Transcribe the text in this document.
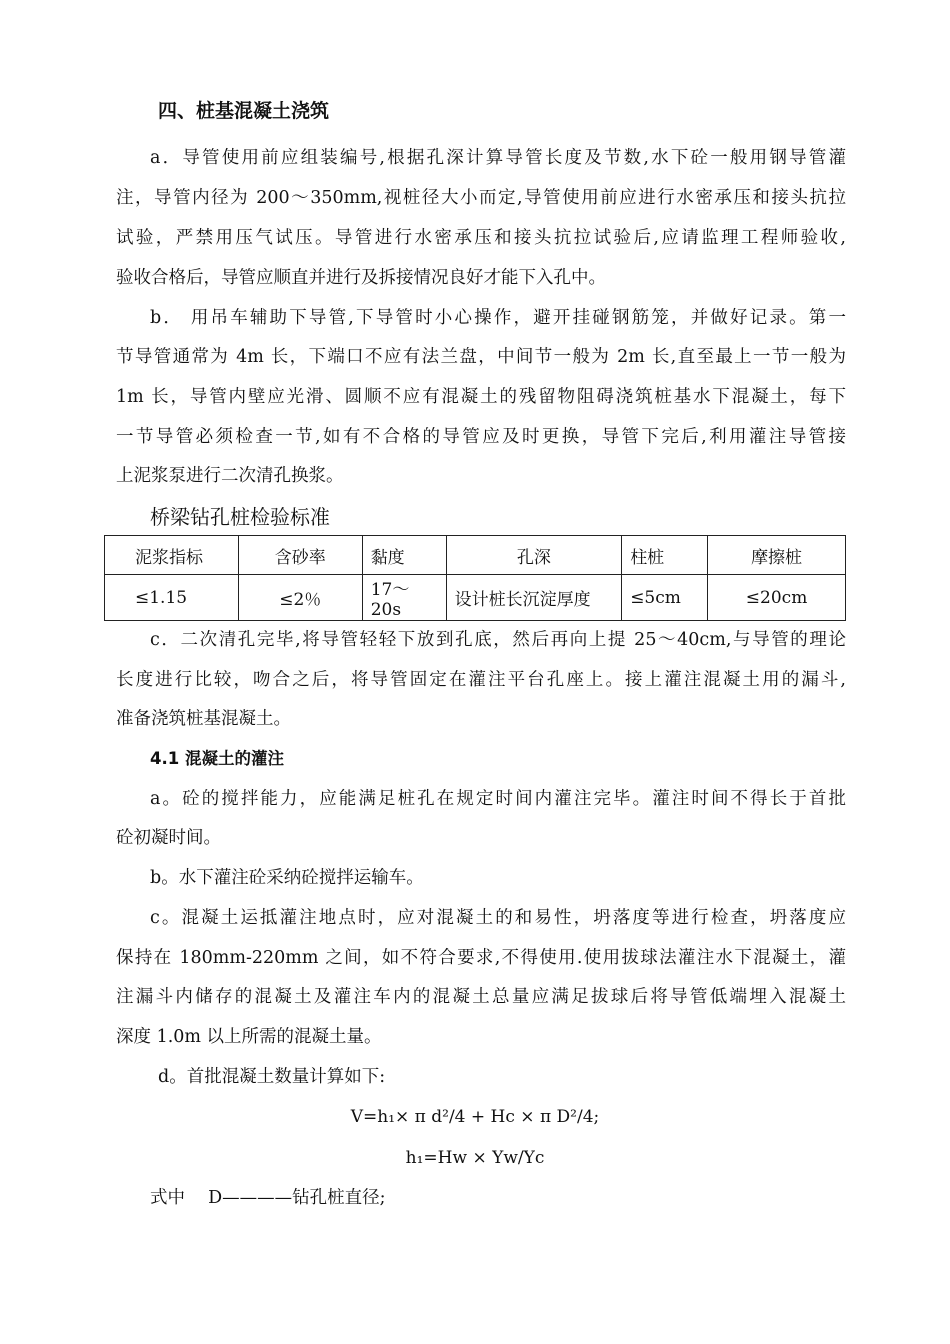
四、桩基混凝土浇筑
a．导管使用前应组装编号,根据孔深计算导管长度及节数,水下砼一般用钢导管灌
注，导管内径为 200～350mm,视桩径大小而定,导管使用前应进行水密承压和接头抗拉
试验，严禁用压气试压。导管进行水密承压和接头抗拉试验后,应请监理工程师验收,
验收合格后，导管应顺直并进行及拆接情况良好才能下入孔中。
b． 用吊车辅助下导管,下导管时小心操作，避开挂碰钢筋笼，并做好记录。第一
节导管通常为 4m 长，下端口不应有法兰盘，中间节一般为 2m 长,直至最上一节一般为
1m 长，导管内壁应光滑、圆顺不应有混凝土的残留物阻碍浇筑桩基水下混凝土，每下
一节导管必须检查一节,如有不合格的导管应及时更换，导管下完后,利用灌注导管接
上泥浆泵进行二次清孔换浆。
桥梁钻孔桩检验标准
泥浆指标	含砂率	黏度	孔深	柱桩	摩擦桩
≤1.15	≤2％	17～20s	设计桩长沉淀厚度	≤5cm	≤20cm
c．二次清孔完毕,将导管轻轻下放到孔底，然后再向上提 25～40cm,与导管的理论
长度进行比较，吻合之后，将导管固定在灌注平台孔座上。接上灌注混凝土用的漏斗,
准备浇筑桩基混凝土。
4.1 混凝土的灌注
a。砼的搅拌能力，应能满足桩孔在规定时间内灌注完毕。灌注时间不得长于首批
砼初凝时间。
b。水下灌注砼采纳砼搅拌运输车。
c。混凝土运抵灌注地点时，应对混凝土的和易性，坍落度等进行检查，坍落度应
保持在 180mm-220mm 之间，如不符合要求,不得使用.使用拔球法灌注水下混凝土，灌
注漏斗内储存的混凝土及灌注车内的混凝土总量应满足拔球后将导管低端埋入混凝土
深度 1.0m 以上所需的混凝土量。
d。首批混凝土数量计算如下:
V=h₁× π d²/4 + Hc × π D²/4;
h₁=Hw × Yw/Yc
式中　 D————钻孔桩直径;
